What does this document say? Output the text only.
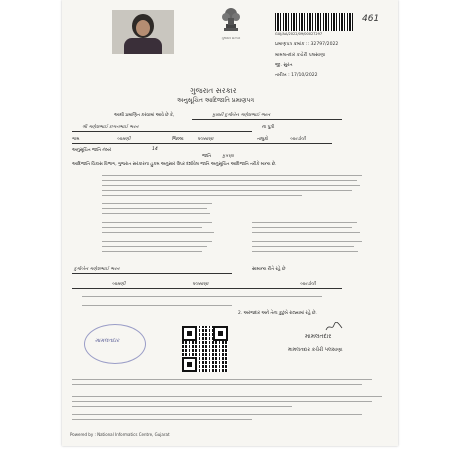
ગુજરાત સરકાર
GUJ/AA/2022/09/00027297
461
પ્રમાણપત્ર ક્રમાંક :: 32797/2022
મામલતદાર કચેરી પલસાણા
જી. સુરત
તારીખ : 17/10/2022
ગુજરાત સરકાર
અનુસૂચિત આદિજાતિ પ્રમાણપત્ર
આથી પ્રમાણિત કરવામાં આવે છે કે,	કુમારી દુર્ગાબેન ગણેશભાઈ ભરત
શ્રી ગણેશભાઈ છગનભાઈ ભરત	ના પુત્રી
ગામ	બામણી	જિલ્લા	પલસાણા	તાલુકો	બારડોલી
અનુસૂચિત જાતિ નંબર	14
જાતિ કુકણા
આદિજાતિ વિકાસ વિભાગ, ગુજરાત સરકારના હુકમ અનુસાર ઉપર દર્શાવેલ જાતિ અનુસૂચિત આદિજાતિ તરીકે માન્ય છે.
દુર્ગાબેન ગણેશભાઈ ભરત	સામાન્ય રીતે રહે છે
બામણી	પલસાણા	બારડોલી
2. અરજદાર અને તેના કુટુંબે રાજ્યમાં રહે છે.
મામલતદાર
મામલતદાર
મામલતદાર કચેરી પલસાણા
Powered by : National Informatics Centre, Gujarat
